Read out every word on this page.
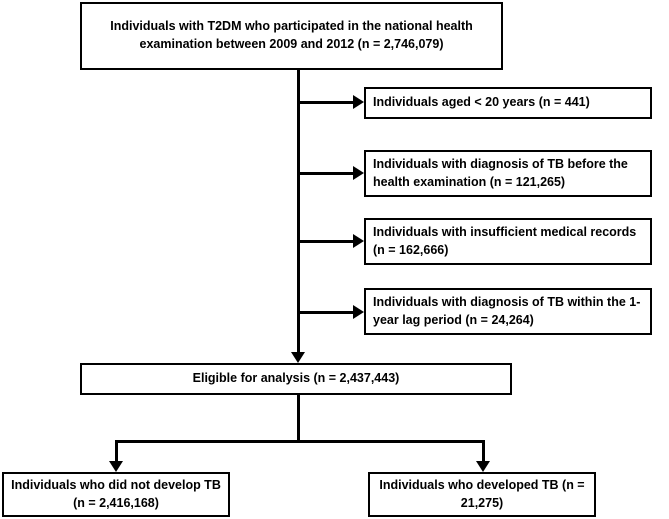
Individuals with T2DM who participated in the national health examination between 2009 and 2012 (n = 2,746,079)
Individuals aged < 20 years (n = 441)
Individuals with diagnosis of TB before the health examination (n = 121,265)
Individuals with insufficient medical records (n = 162,666)
Individuals with diagnosis of TB within the 1-year lag period (n = 24,264)
Eligible for analysis (n = 2,437,443)
Individuals who did not develop TB (n = 2,416,168)
Individuals who developed TB (n = 21,275)
